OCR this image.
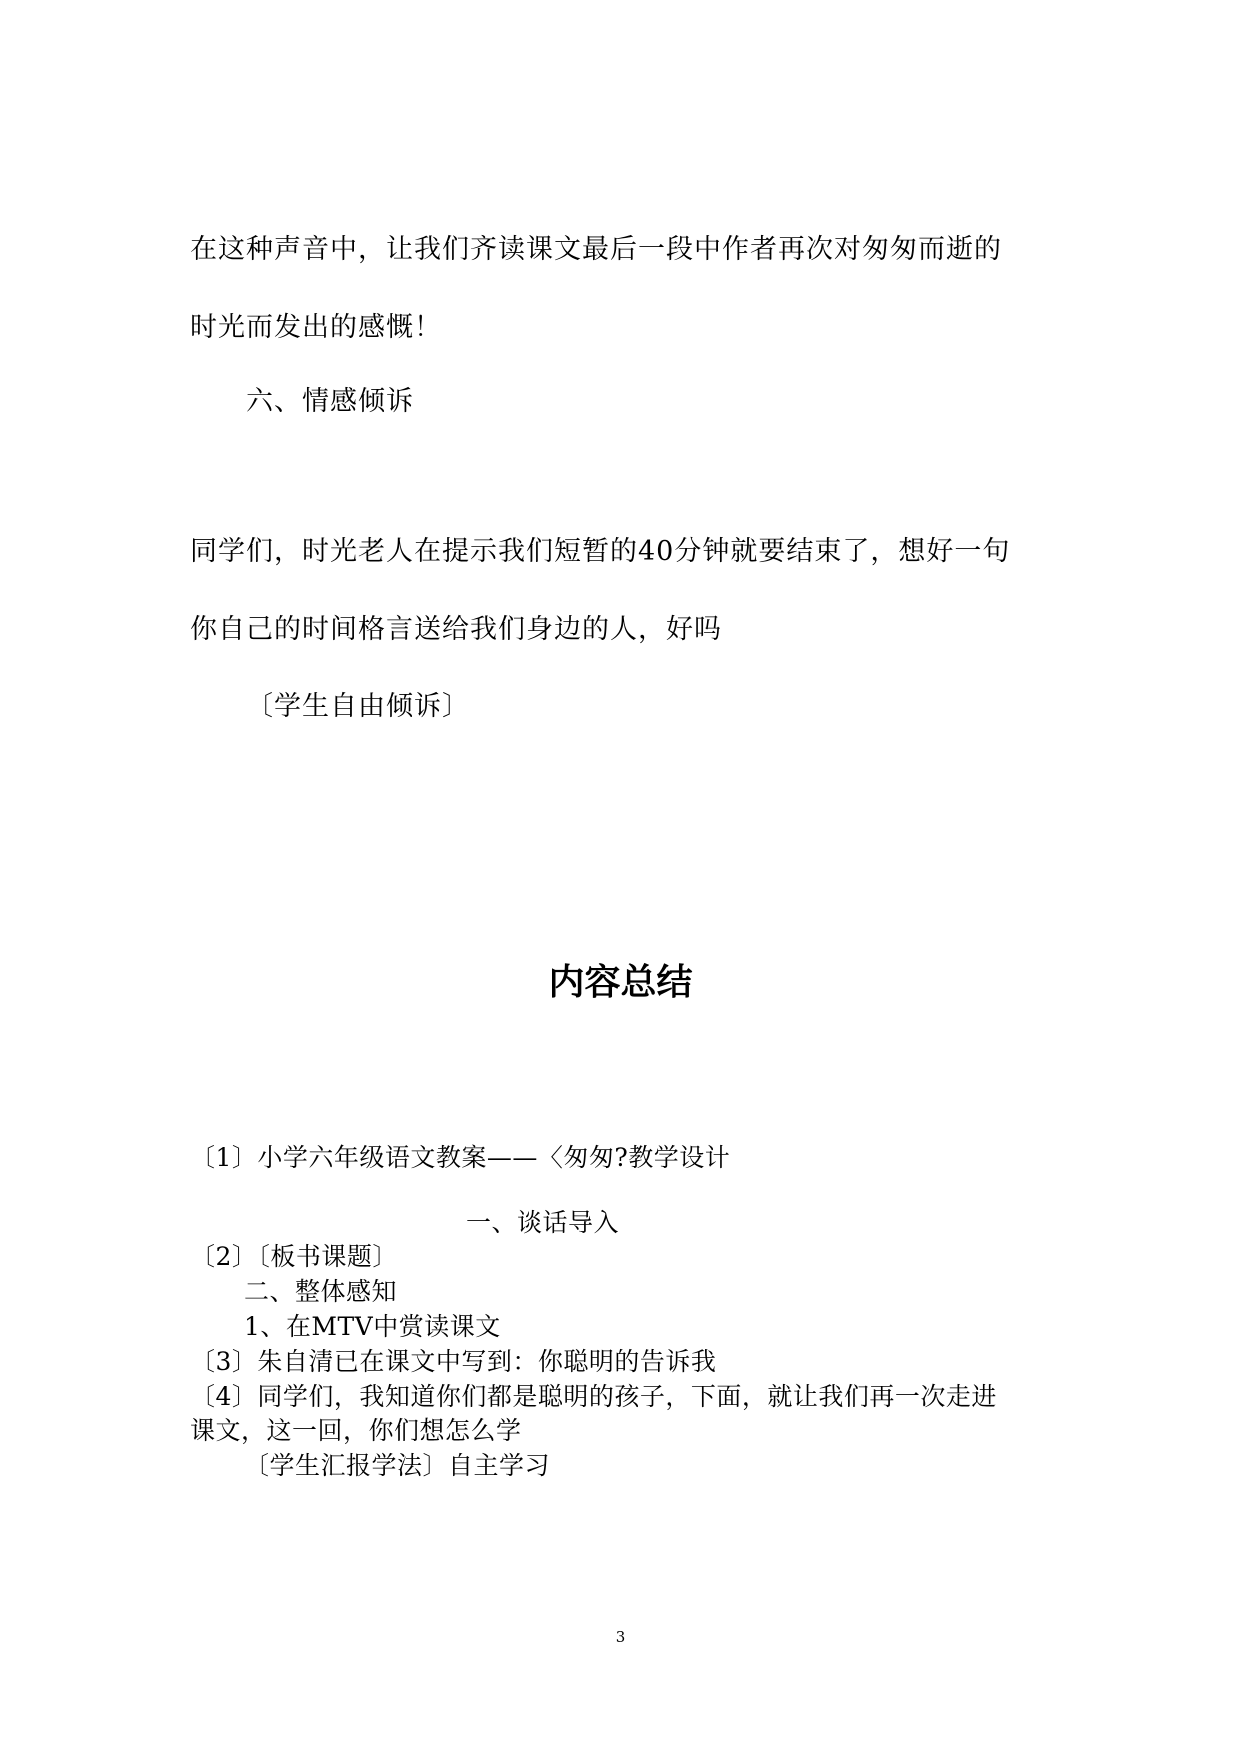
在这种声音中，让我们齐读课文最后一段中作者再次对匆匆而逝的
时光而发出的感慨！
六、情感倾诉
同学们，时光老人在提示我们短暂的40分钟就要结束了，想好一句
你自己的时间格言送给我们身边的人，好吗
〔学生自由倾诉〕
内容总结
〔1〕小学六年级语文教案——〈匆匆?教学设计
一、谈话导入
〔2〕〔板书课题〕
二、整体感知
1、在MTV中赏读课文
〔3〕朱自清已在课文中写到：你聪明的告诉我
〔4〕同学们，我知道你们都是聪明的孩子，下面，就让我们再一次走进
课文，这一回，你们想怎么学
〔学生汇报学法〕自主学习
3
